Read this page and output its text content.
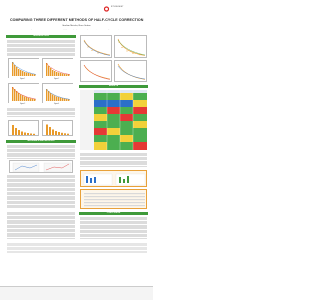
IFT-ISE-MGIT
COMPARING THREE DIFFERENT METHODS OF HALF-CYCLE CORRECTION
Ibrahim Meisha, Ross Sutton
Department of Nuclear Medicine and Molecular Imaging, University Hospital and Faculty of Medicine, Aristotle University, Thessaloniki, Greece
INTRODUCTION
Figure 1	Figure 2
Figure 3	Figure 4
MATERIALS AND METHODS
RESULTS
CONCLUSION
